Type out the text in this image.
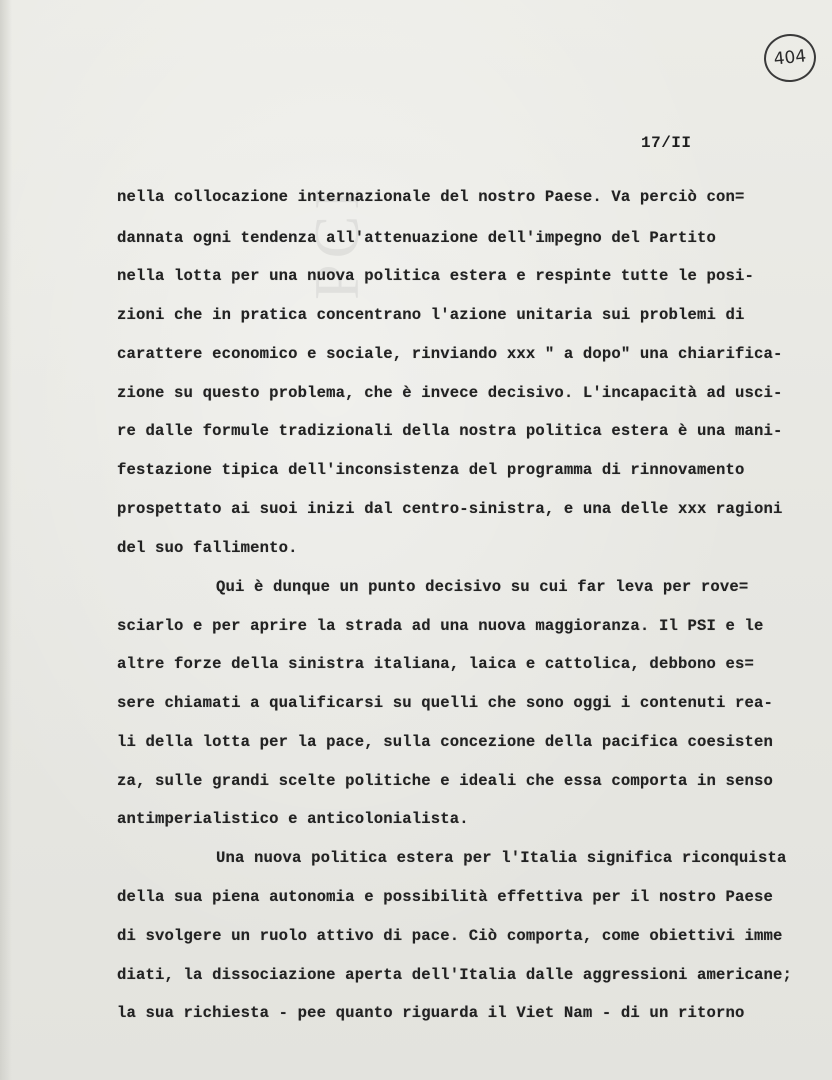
PCI
404
17/II
nella collocazione internazionale del nostro Paese. Va perciò con=
dannata ogni tendenza all'attenuazione dell'impegno del Partito
nella lotta per una nuova politica estera e respinte tutte le posi-
zioni che in pratica concentrano l'azione unitaria sui problemi di
carattere economico e sociale, rinviando xxx " a dopo" una chiarifica-
zione su questo problema, che è invece decisivo. L'incapacità ad usci-
re dalle formule tradizionali della nostra politica estera è una mani-
festazione tipica dell'inconsistenza del programma di rinnovamento
prospettato ai suoi inizi dal centro-sinistra, e una delle xxx ragioni
del suo fallimento.
Qui è dunque un punto decisivo su cui far leva per rove=
sciarlo e per aprire la strada ad una nuova maggioranza. Il PSI e le
altre forze della sinistra italiana, laica e cattolica, debbono es=
sere chiamati a qualificarsi su quelli che sono oggi i contenuti rea-
li della lotta per la pace, sulla concezione della pacifica coesisten
za, sulle grandi scelte politiche e ideali che essa comporta in senso
antimperialistico e anticolonialista.
Una nuova politica estera per l'Italia significa riconquista
della sua piena autonomia e possibilità effettiva per il nostro Paese
di svolgere un ruolo attivo di pace. Ciò comporta, come obiettivi imme
diati, la dissociazione aperta dell'Italia dalle aggressioni americane;
la sua richiesta - pee quanto riguarda il Viet Nam - di un ritorno
